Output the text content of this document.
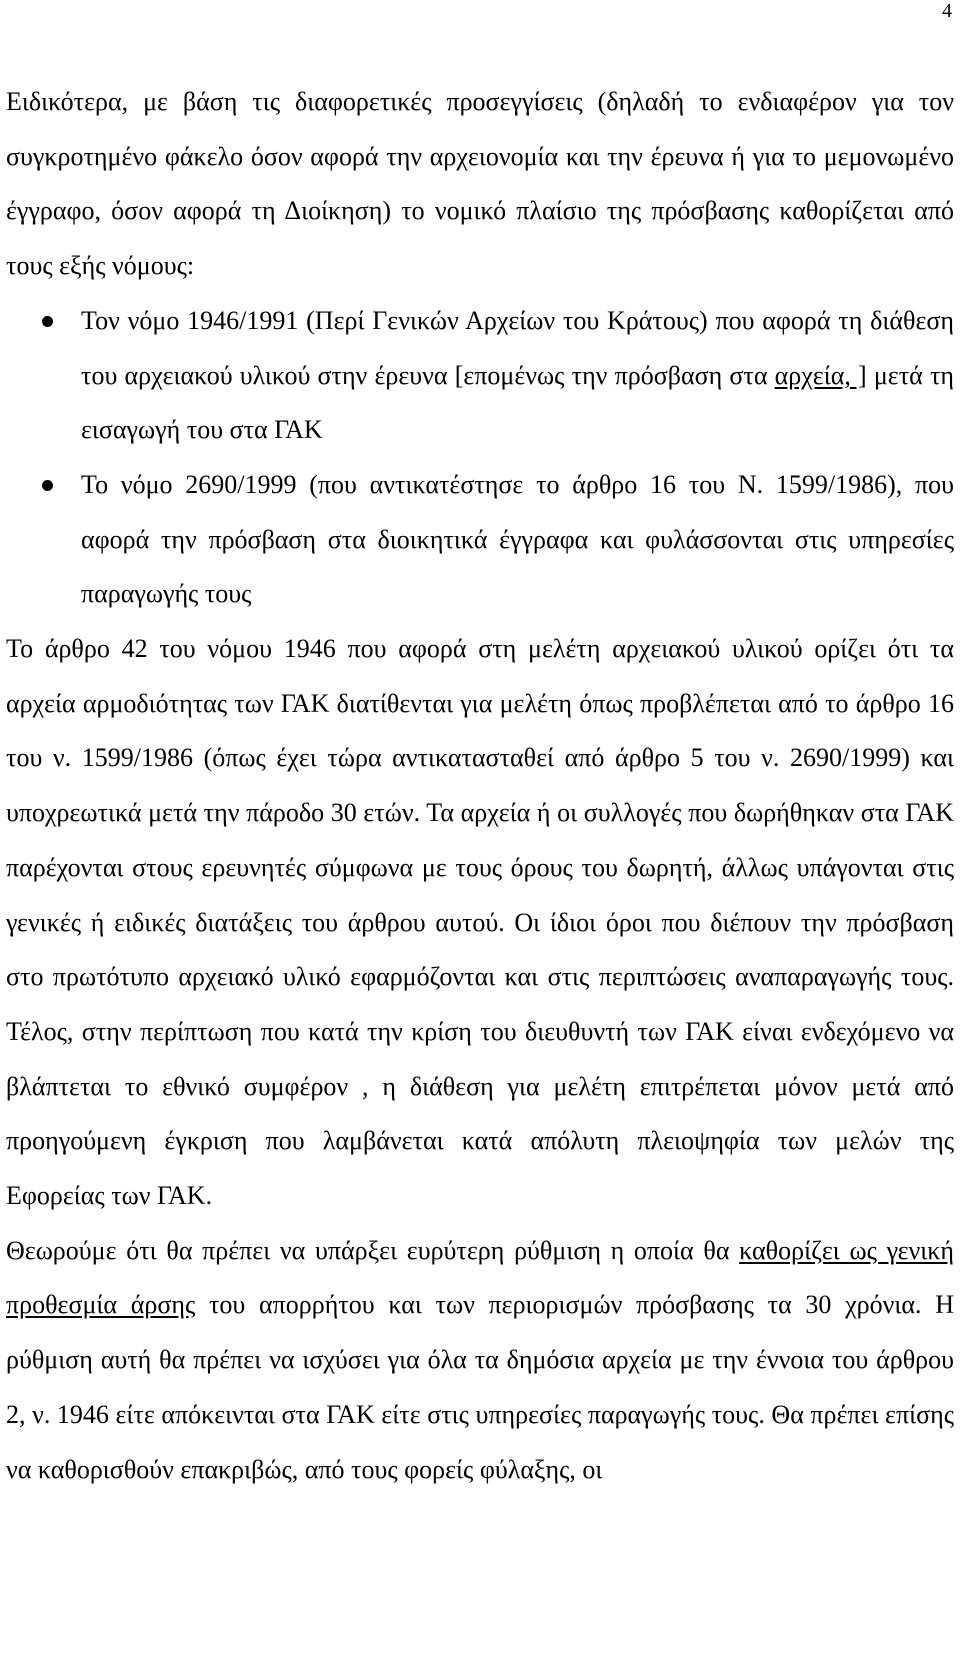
4

Ειδικότερα, με βάση τις διαφορετικές προσεγγίσεις (δηλαδή το ενδιαφέρον για τον συγκροτημένο φάκελο όσον αφορά την αρχειονομία και την έρευνα ή για το μεμονωμένο έγγραφο, όσον αφορά τη Διοίκηση) το νομικό πλαίσιο της πρόσβασης καθορίζεται από τους εξής νόμους:

Τον νόμο 1946/1991 (Περί Γενικών Αρχείων του Κράτους) που αφορά τη διάθεση του αρχειακού υλικού στην έρευνα [επομένως την πρόσβαση στα αρχεία, ] μετά τη εισαγωγή του στα ΓΑΚ
Το νόμο 2690/1999 (που αντικατέστησε το άρθρο 16 του Ν. 1599/1986), που αφορά την πρόσβαση στα διοικητικά έγγραφα και φυλάσσονται στις υπηρεσίες παραγωγής τους

Το άρθρο 42 του νόμου 1946 που αφορά στη μελέτη αρχειακού υλικού ορίζει ότι τα αρχεία αρμοδιότητας των ΓΑΚ διατίθενται για μελέτη όπως προβλέπεται από το άρθρο 16 του ν. 1599/1986 (όπως έχει τώρα αντικατασταθεί από άρθρο 5 του ν. 2690/1999) και υποχρεωτικά μετά την πάροδο 30 ετών. Τα αρχεία ή οι συλλογές που δωρήθηκαν στα ΓΑΚ παρέχονται στους ερευνητές σύμφωνα με τους όρους του δωρητή, άλλως υπάγονται στις γενικές ή ειδικές διατάξεις του άρθρου αυτού. Οι ίδιοι όροι που διέπουν την πρόσβαση στο πρωτότυπο αρχειακό υλικό εφαρμόζονται και στις περιπτώσεις αναπαραγωγής τους. Τέλος, στην περίπτωση που κατά την κρίση του διευθυντή των ΓΑΚ είναι ενδεχόμενο να βλάπτεται το εθνικό συμφέρον , η διάθεση για μελέτη επιτρέπεται μόνον μετά από προηγούμενη έγκριση που λαμβάνεται κατά απόλυτη πλειοψηφία των μελών της Εφορείας των ΓΑΚ.

Θεωρούμε ότι θα πρέπει να υπάρξει ευρύτερη ρύθμιση η οποία θα καθορίζει ως γενική προθεσμία άρσης του απορρήτου και των περιορισμών πρόσβασης τα 30 χρόνια. Η ρύθμιση αυτή θα πρέπει να ισχύσει για όλα τα δημόσια αρχεία με την έννοια του άρθρου 2, ν. 1946 είτε απόκεινται στα ΓΑΚ είτε στις υπηρεσίες παραγωγής τους. Θα πρέπει επίσης να καθορισθούν επακριβώς, από τους φορείς φύλαξης, οι
